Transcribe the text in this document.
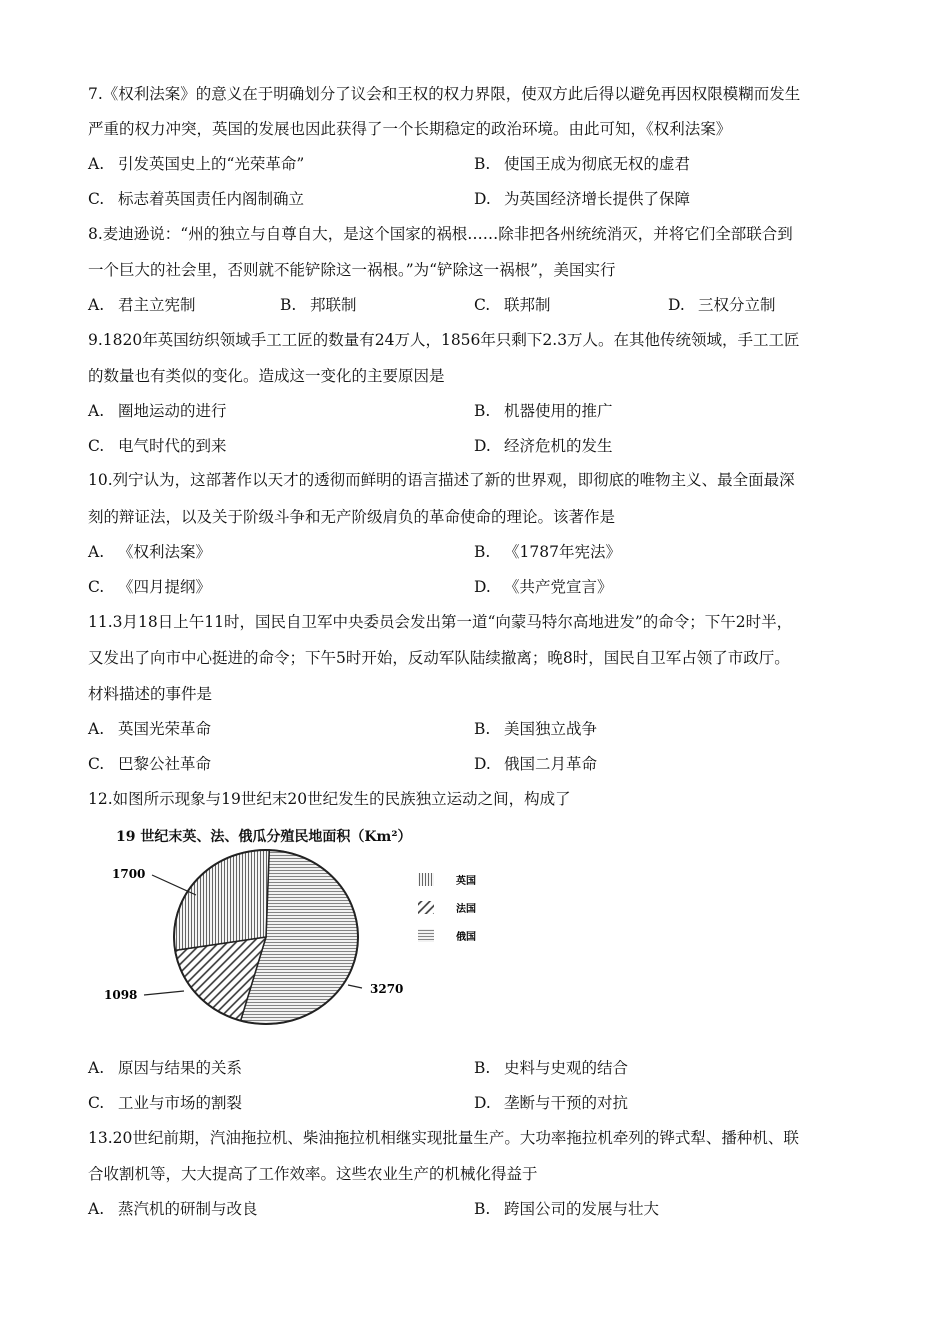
7.《权利法案》的意义在于明确划分了议会和王权的权力界限，使双方此后得以避免再因权限模糊而发生
严重的权力冲突，英国的发展也因此获得了一个长期稳定的政治环境。由此可知，《权利法案》
A. 引发英国史上的“光荣革命”	B. 使国王成为彻底无权的虚君
C. 标志着英国责任内阁制确立	D. 为英国经济增长提供了保障
8.麦迪逊说：“州的独立与自尊自大，是这个国家的祸根……除非把各州统统消灭，并将它们全部联合到
一个巨大的社会里，否则就不能铲除这一祸根。”为“铲除这一祸根”，美国实行
A. 君主立宪制	B. 邦联制	C. 联邦制	D. 三权分立制
9.1820年英国纺织领域手工工匠的数量有24万人，1856年只剩下2.3万人。在其他传统领域，手工工匠
的数量也有类似的变化。造成这一变化的主要原因是
A. 圈地运动的进行	B. 机器使用的推广
C. 电气时代的到来	D. 经济危机的发生
10.列宁认为，这部著作以天才的透彻而鲜明的语言描述了新的世界观，即彻底的唯物主义、最全面最深
刻的辩证法，以及关于阶级斗争和无产阶级肩负的革命使命的理论。该著作是
A. 《权利法案》	B. 《1787年宪法》
C. 《四月提纲》	D. 《共产党宣言》
11.3月18日上午11时，国民自卫军中央委员会发出第一道“向蒙马特尔高地进发”的命令；下午2时半，
又发出了向市中心挺进的命令；下午5时开始，反动军队陆续撤离；晚8时，国民自卫军占领了市政厅。
材料描述的事件是
A. 英国光荣革命	B. 美国独立战争
C. 巴黎公社革命	D. 俄国二月革命
12.如图所示现象与19世纪末20世纪发生的民族独立运动之间，构成了
19 世纪末英、法、俄瓜分殖民地面积（Km²）
3270
1098
1700
英国
法国
俄国
A. 原因与结果的关系	B. 史料与史观的结合
C. 工业与市场的割裂	D. 垄断与干预的对抗
13.20世纪前期，汽油拖拉机、柴油拖拉机相继实现批量生产。大功率拖拉机牵列的铧式犁、播种机、联
合收割机等，大大提高了工作效率。这些农业生产的机械化得益于
A. 蒸汽机的研制与改良	B. 跨国公司的发展与壮大
